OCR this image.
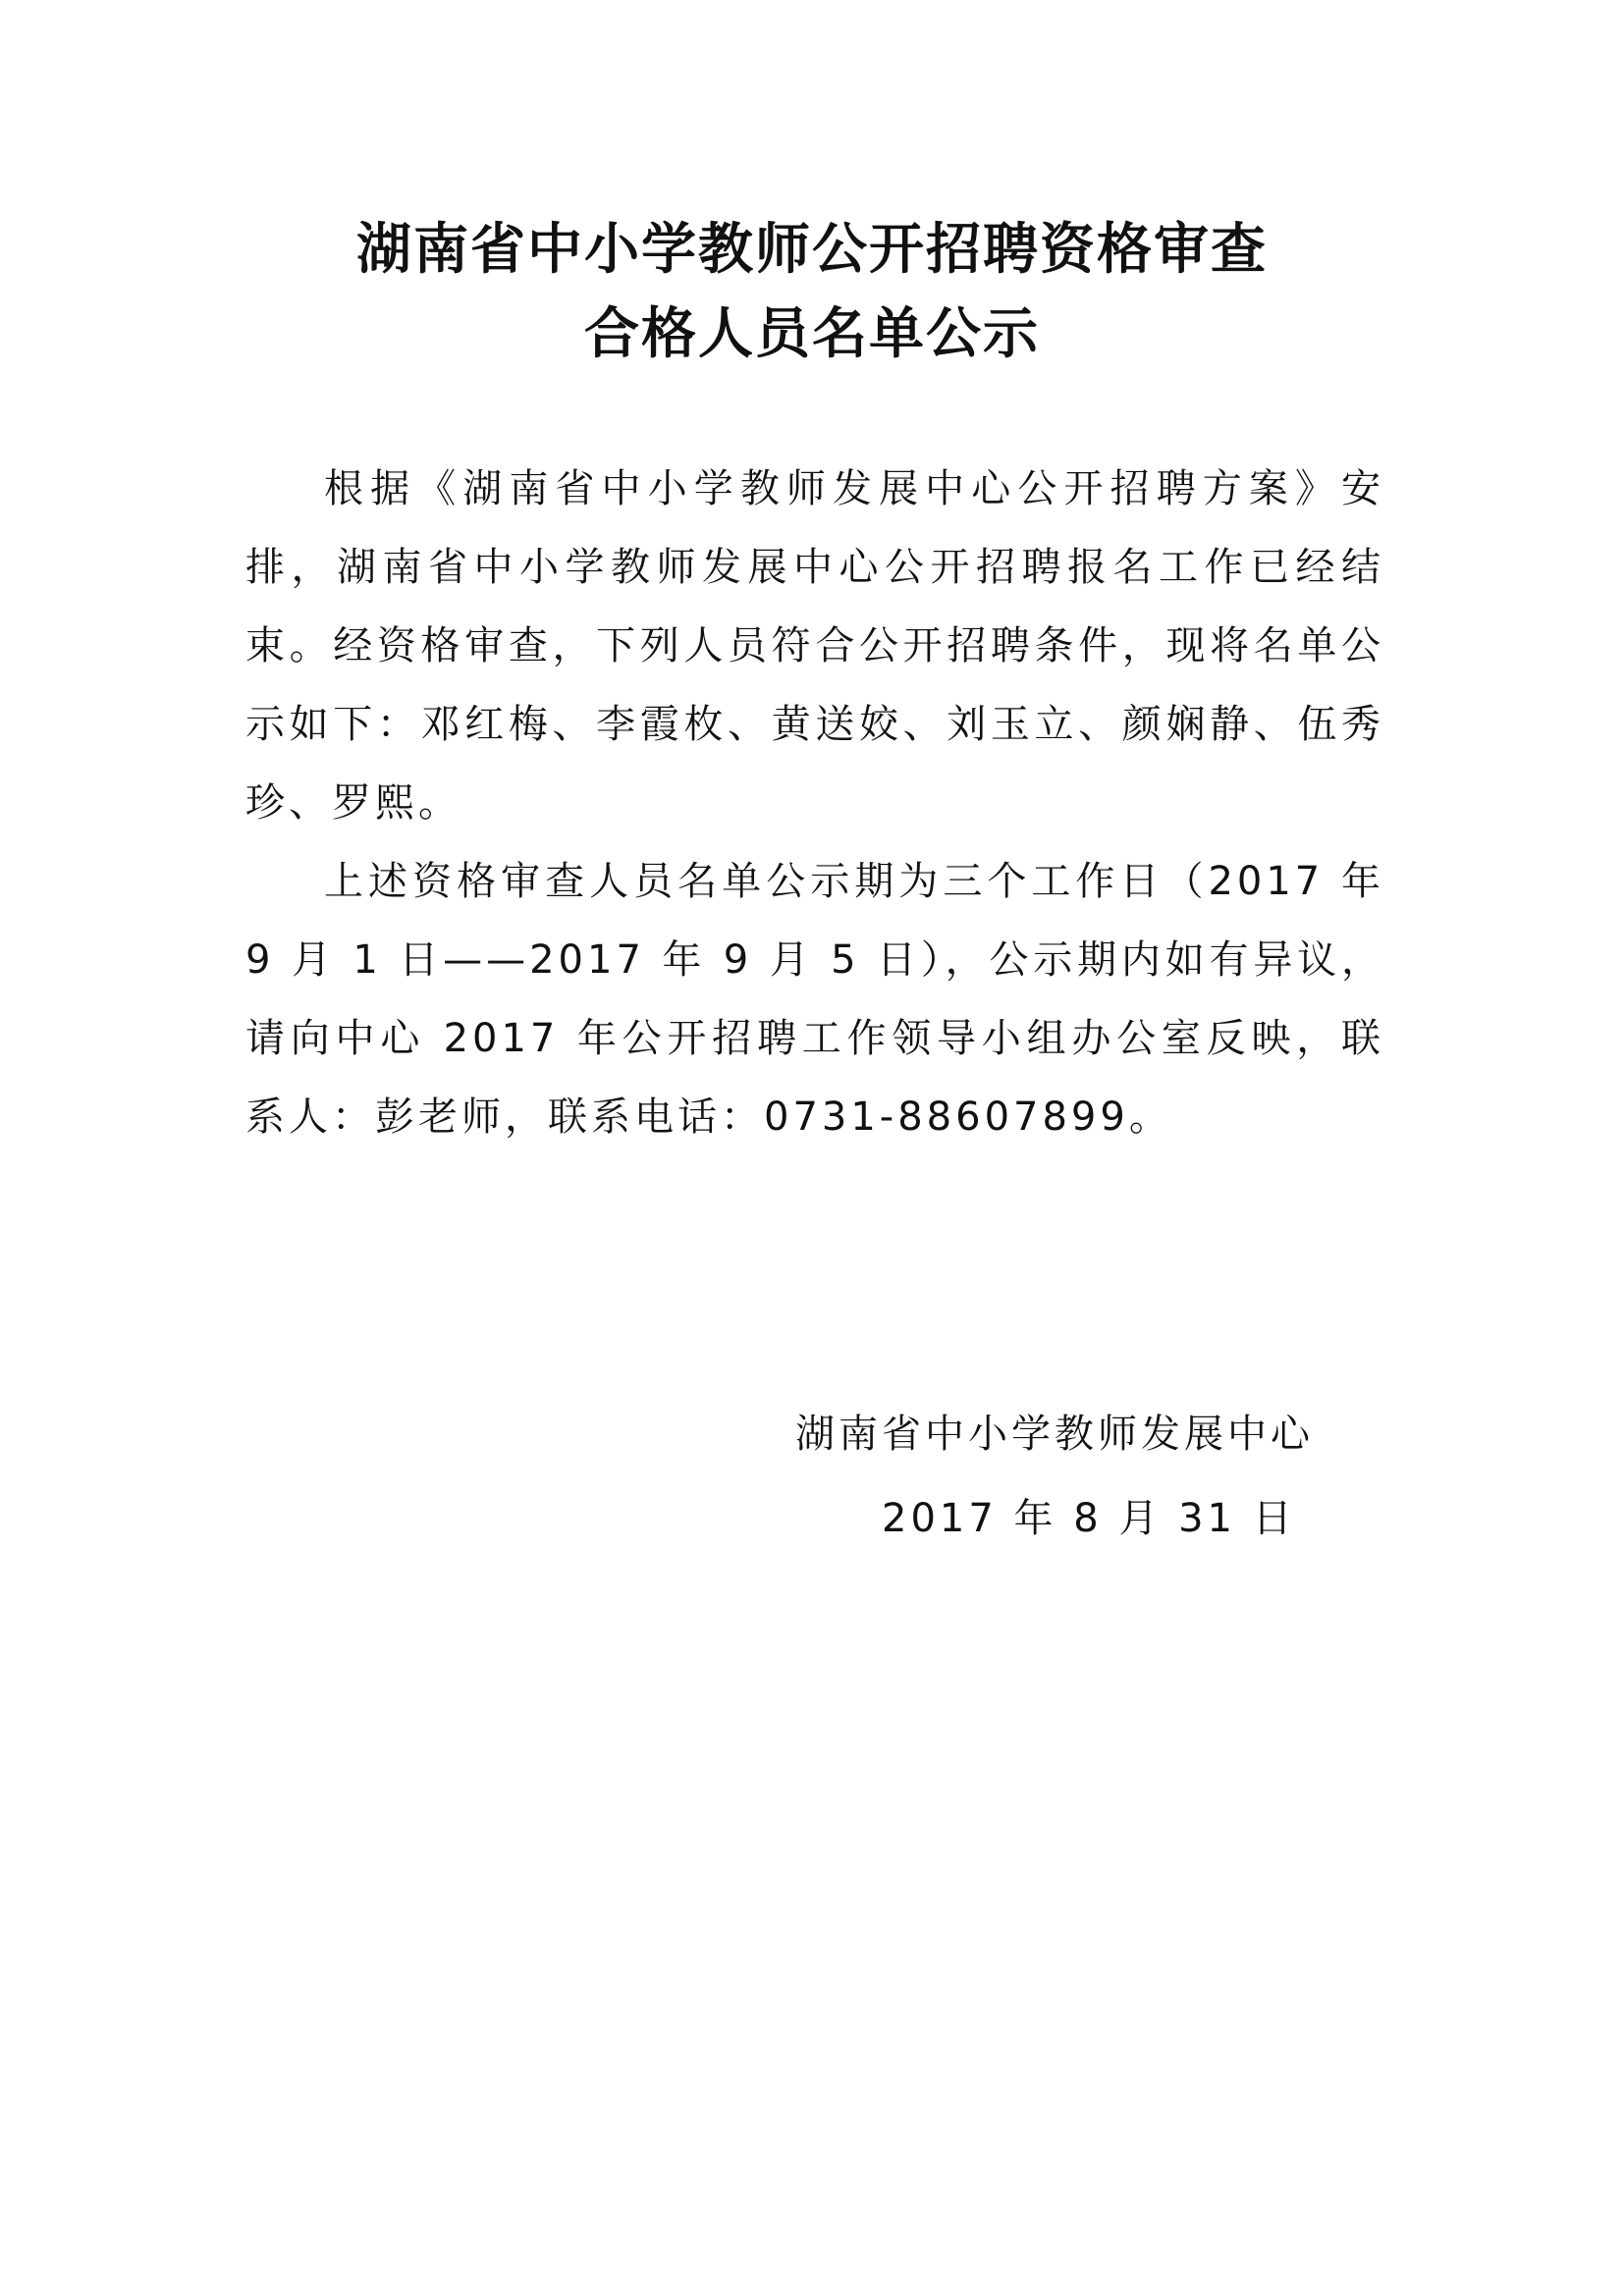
湖南省中小学教师公开招聘资格审查
合格人员名单公示

根据《湖南省中小学教师发展中心公开招聘方案》安排，湖南省中小学教师发展中心公开招聘报名工作已经结束。经资格审查，下列人员符合公开招聘条件，现将名单公示如下：邓红梅、李霞枚、黄送姣、刘玉立、颜娴静、伍秀珍、罗熙。

上述资格审查人员名单公示期为三个工作日（2017 年 9 月 1 日——2017 年 9 月 5 日），公示期内如有异议，请向中心 2017 年公开招聘工作领导小组办公室反映，联系人：彭老师，联系电话：0731-88607899。

湖南省中小学教师发展中心
2017 年 8 月 31 日
